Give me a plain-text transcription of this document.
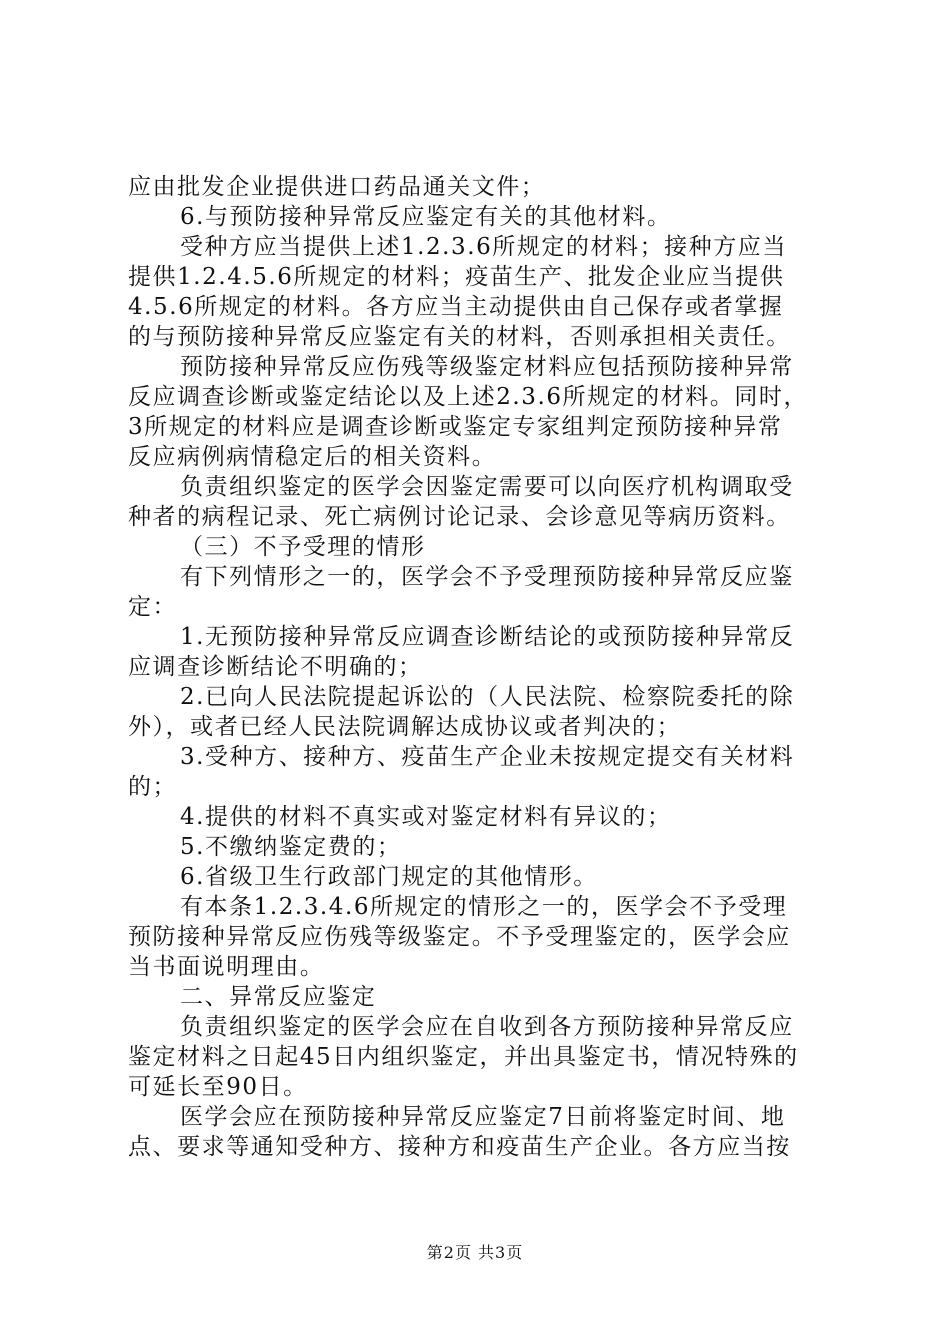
应由批发企业提供进口药品通关文件；
6.与预防接种异常反应鉴定有关的其他材料。
受种方应当提供上述1.2.3.6所规定的材料；接种方应当
提供1.2.4.5.6所规定的材料；疫苗生产、批发企业应当提供
4.5.6所规定的材料。各方应当主动提供由自己保存或者掌握
的与预防接种异常反应鉴定有关的材料，否则承担相关责任。
预防接种异常反应伤残等级鉴定材料应包括预防接种异常
反应调查诊断或鉴定结论以及上述2.3.6所规定的材料。同时，
3所规定的材料应是调查诊断或鉴定专家组判定预防接种异常
反应病例病情稳定后的相关资料。
负责组织鉴定的医学会因鉴定需要可以向医疗机构调取受
种者的病程记录、死亡病例讨论记录、会诊意见等病历资料。
（三）不予受理的情形
有下列情形之一的，医学会不予受理预防接种异常反应鉴
定：
1.无预防接种异常反应调查诊断结论的或预防接种异常反
应调查诊断结论不明确的；
2.已向人民法院提起诉讼的（人民法院、检察院委托的除
外），或者已经人民法院调解达成协议或者判决的；
3.受种方、接种方、疫苗生产企业未按规定提交有关材料
的；
4.提供的材料不真实或对鉴定材料有异议的；
5.不缴纳鉴定费的；
6.省级卫生行政部门规定的其他情形。
有本条1.2.3.4.6所规定的情形之一的，医学会不予受理
预防接种异常反应伤残等级鉴定。不予受理鉴定的，医学会应
当书面说明理由。
二、异常反应鉴定
负责组织鉴定的医学会应在自收到各方预防接种异常反应
鉴定材料之日起45日内组织鉴定，并出具鉴定书，情况特殊的
可延长至90日。
医学会应在预防接种异常反应鉴定7日前将鉴定时间、地
点、要求等通知受种方、接种方和疫苗生产企业。各方应当按
第2页 共3页
